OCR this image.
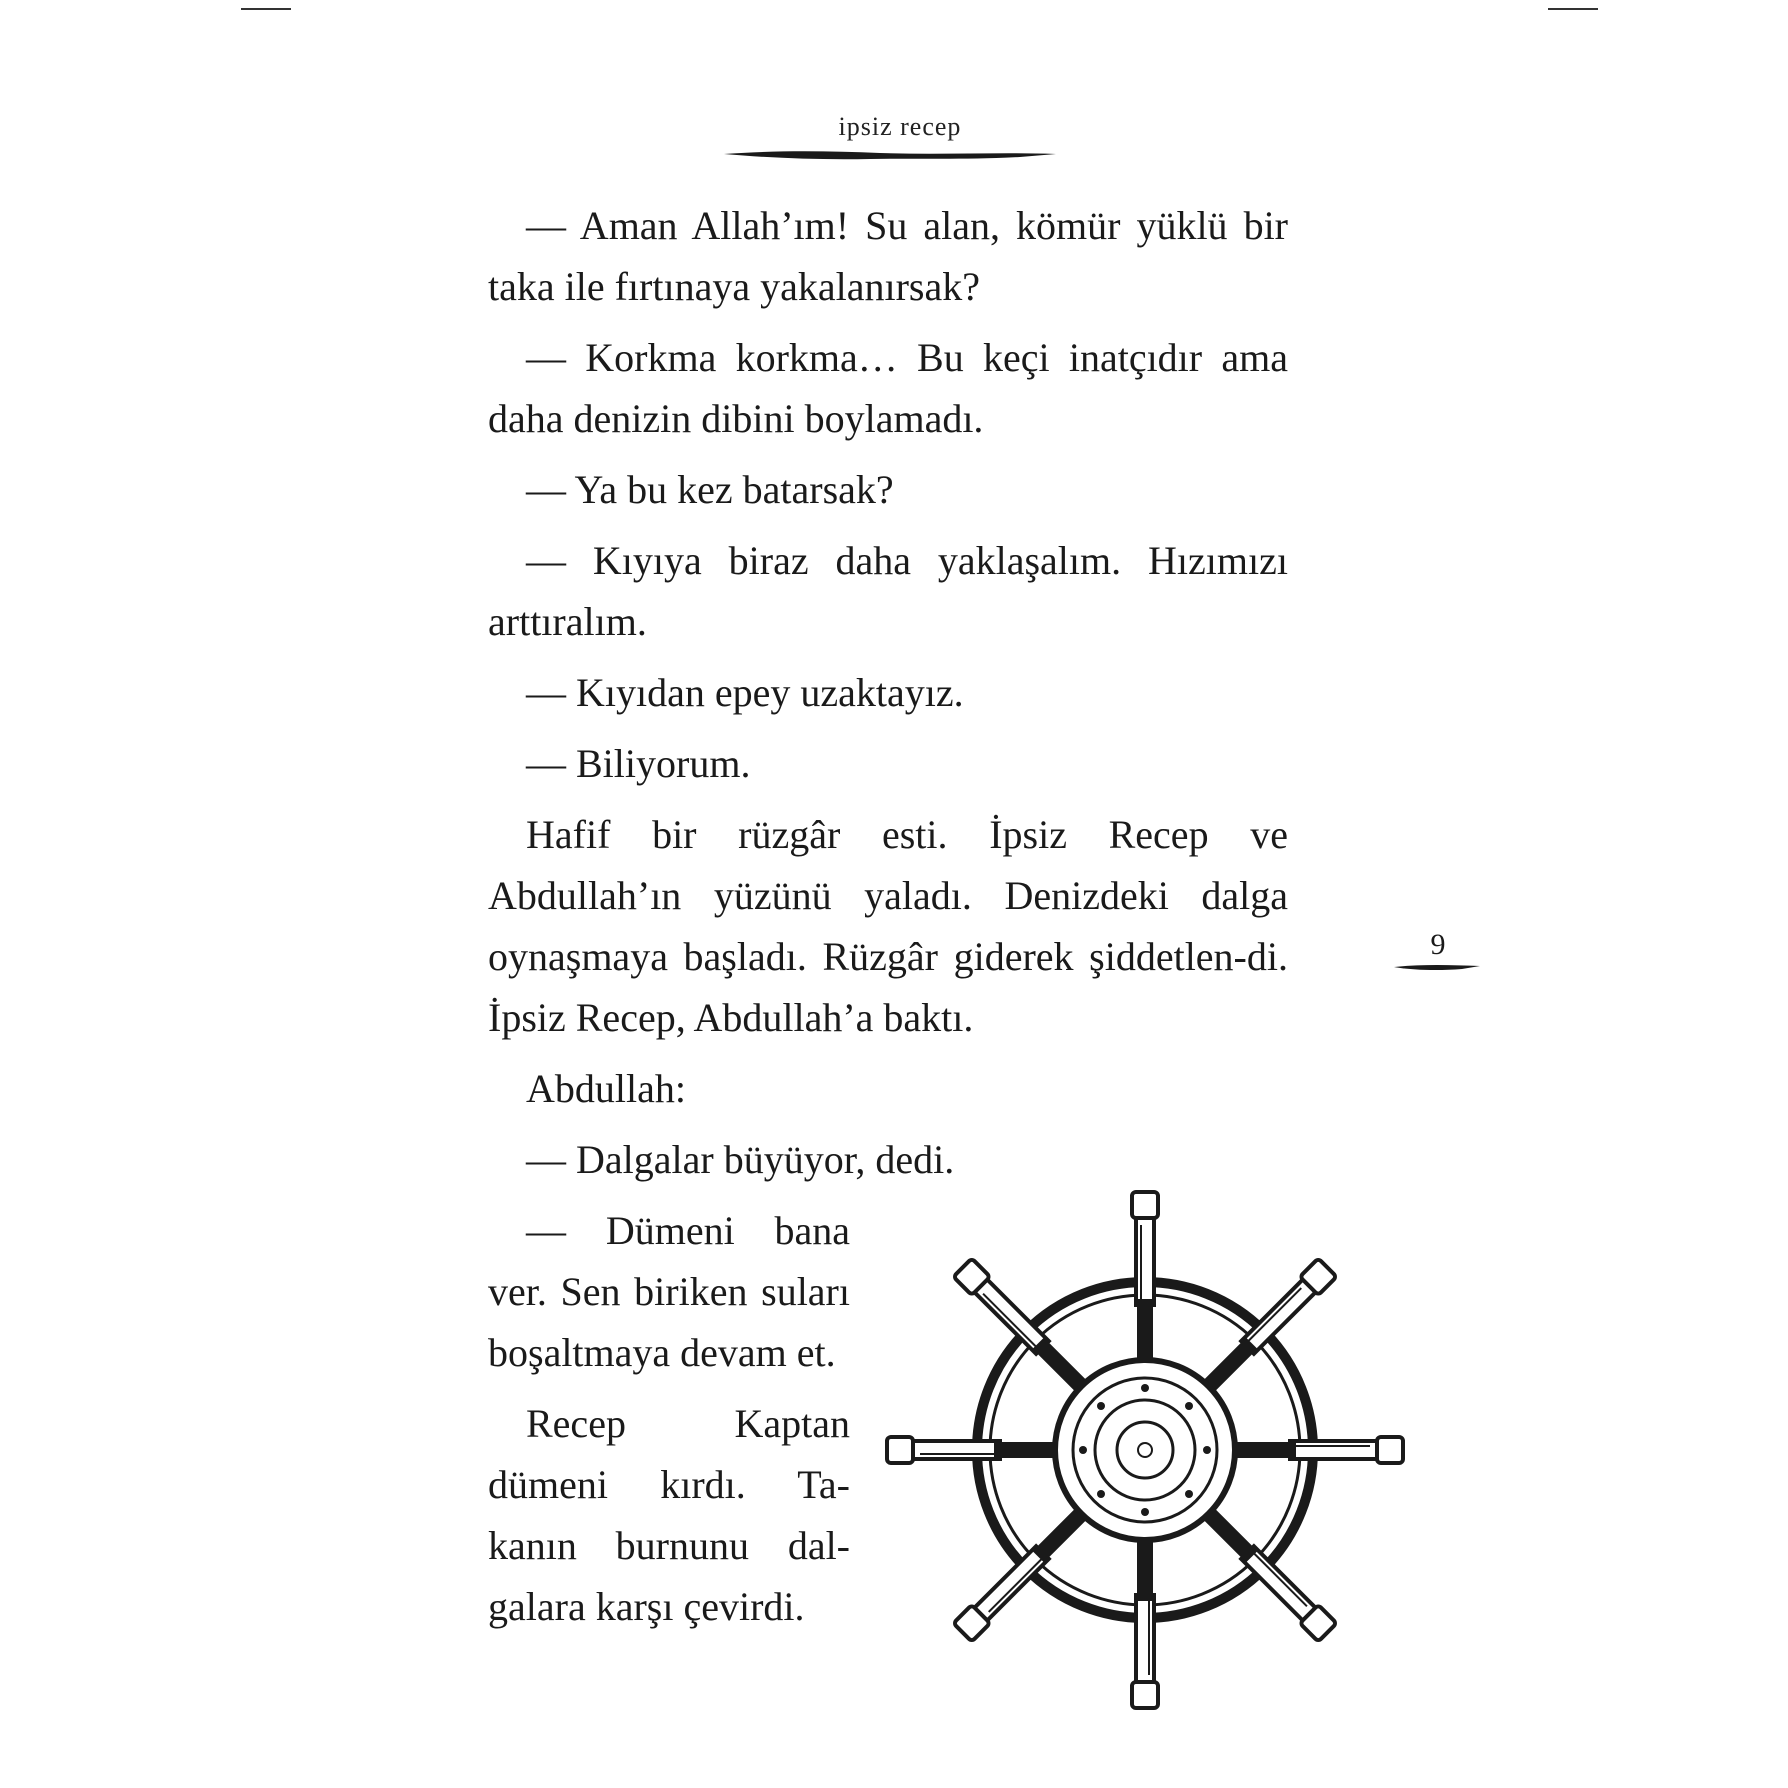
ipsiz recep

— Aman Allah’ım! Su alan, kömür yüklü bir taka ile fırtınaya yakalanırsak?

— Korkma korkma… Bu keçi inatçıdır ama daha denizin dibini boylamadı.

— Ya bu kez batarsak?

— Kıyıya biraz daha yaklaşalım. Hızımızı arttıralım.

— Kıyıdan epey uzaktayız.

— Biliyorum.

Hafif bir rüzgâr esti. İpsiz Recep ve Abdullah’ın yüzünü yaladı. Denizdeki dalga oynaşmaya başladı. Rüzgâr giderek şiddetlen-di. İpsiz Recep, Abdullah’a baktı.

Abdullah:

— Dalgalar büyüyor, dedi.

— Dümeni bana ver. Sen biriken suları boşaltmaya devam et.

Recep Kaptan dümeni kırdı. Ta-kanın burnunu dal-galara karşı çevirdi.

9
